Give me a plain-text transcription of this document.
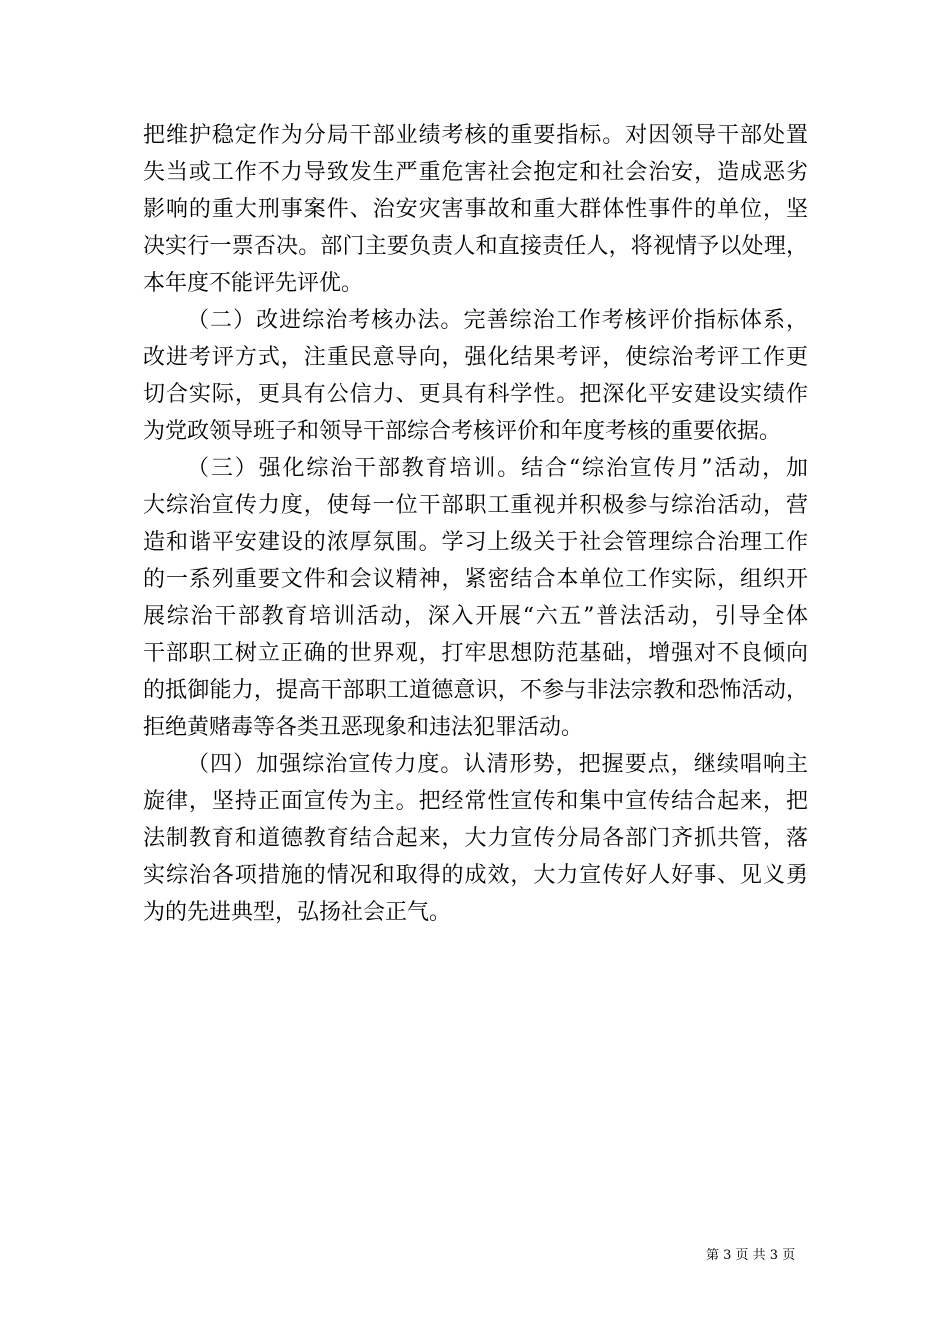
把维护稳定作为分局干部业绩考核的重要指标。对因领导干部处置
失当或工作不力导致发生严重危害社会抱定和社会治安，造成恶劣
影响的重大刑事案件、治安灾害事故和重大群体性事件的单位，坚
决实行一票否决。部门主要负责人和直接责任人，将视情予以处理，
本年度不能评先评优。
（二）改进综治考核办法。完善综治工作考核评价指标体系，
改进考评方式，注重民意导向，强化结果考评，使综治考评工作更
切合实际，更具有公信力、更具有科学性。把深化平安建设实绩作
为党政领导班子和领导干部综合考核评价和年度考核的重要依据。
（三）强化综治干部教育培训。结合“综治宣传月”活动，加
大综治宣传力度，使每一位干部职工重视并积极参与综治活动，营
造和谐平安建设的浓厚氛围。学习上级关于社会管理综合治理工作
的一系列重要文件和会议精神，紧密结合本单位工作实际，组织开
展综治干部教育培训活动，深入开展“六五”普法活动，引导全体
干部职工树立正确的世界观，打牢思想防范基础，增强对不良倾向
的抵御能力，提高干部职工道德意识，不参与非法宗教和恐怖活动，
拒绝黄赌毒等各类丑恶现象和违法犯罪活动。
（四）加强综治宣传力度。认清形势，把握要点，继续唱响主
旋律，坚持正面宣传为主。把经常性宣传和集中宣传结合起来，把
法制教育和道德教育结合起来，大力宣传分局各部门齐抓共管，落
实综治各项措施的情况和取得的成效，大力宣传好人好事、见义勇
为的先进典型，弘扬社会正气。
第 3 页 共 3 页
